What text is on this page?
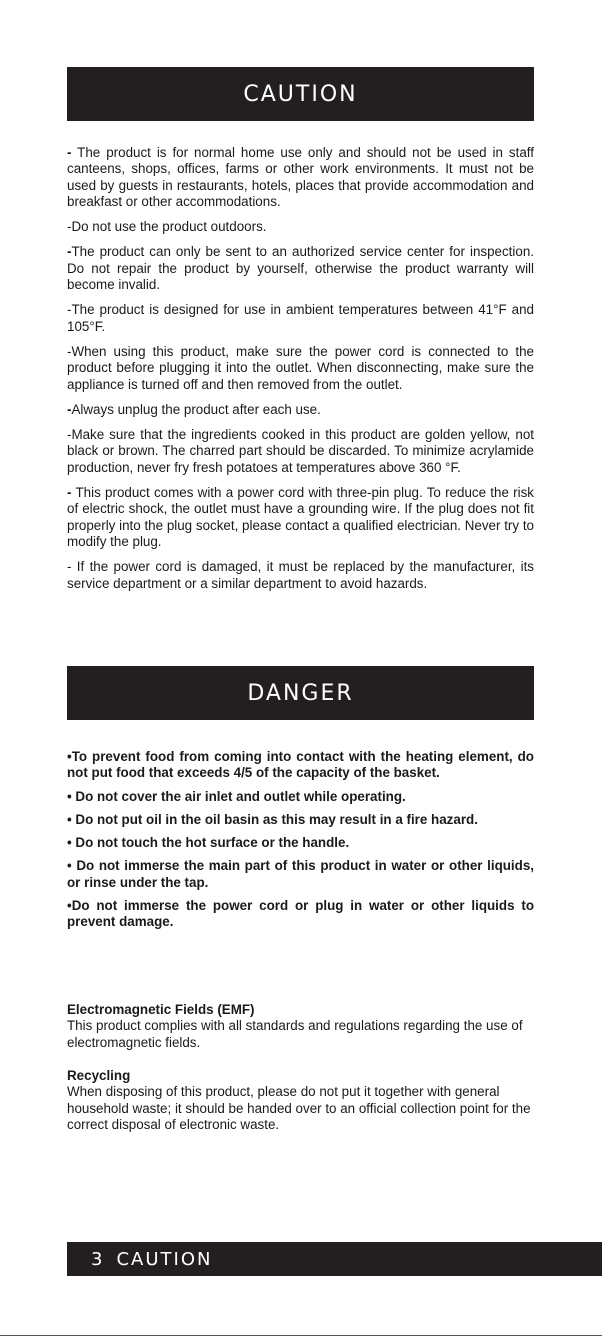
CAUTION

- The product is for normal home use only and should not be used in staff canteens, shops, offices, farms or other work environments. It must not be used by guests in restaurants, hotels, places that provide accommodation and breakfast or other accommodations.

-Do not use the product outdoors.

-The product can only be sent to an authorized service center for inspection. Do not repair the product by yourself, otherwise the product warranty will become invalid.

-The product is designed for use in ambient temperatures between 41°F and 105°F.

-When using this product, make sure the power cord is connected to the product before plugging it into the outlet. When disconnecting, make sure the appliance is turned off and then removed from the outlet.

-Always unplug the product after each use.

-Make sure that the ingredients cooked in this product are golden yellow, not black or brown. The charred part should be discarded. To minimize acrylamide production, never fry fresh potatoes at temperatures above 360 °F.

- This product comes with a power cord with three-pin plug. To reduce the risk of electric shock, the outlet must have a grounding wire. If the plug does not fit properly into the plug socket, please contact a qualified electrician. Never try to modify the plug.

- If the power cord is damaged, it must be replaced by the manufacturer, its service department or a similar department to avoid hazards.

DANGER

•To prevent food from coming into contact with the heating element, do not put food that exceeds 4/5 of the capacity of the basket.

• Do not cover the air inlet and outlet while operating.

• Do not put oil in the oil basin as this may result in a fire hazard.

• Do not touch the hot surface or the handle.

• Do not immerse the main part of this product in water or other liquids, or rinse under the tap.

•Do not immerse the power cord or plug in water or other liquids to prevent damage.

Electromagnetic Fields (EMF)
This product complies with all standards and regulations regarding the use of electromagnetic fields.
Recycling
When disposing of this product, please do not put it together with general household waste; it should be handed over to an official collection point for the correct disposal of electronic waste.
3 CAUTION
